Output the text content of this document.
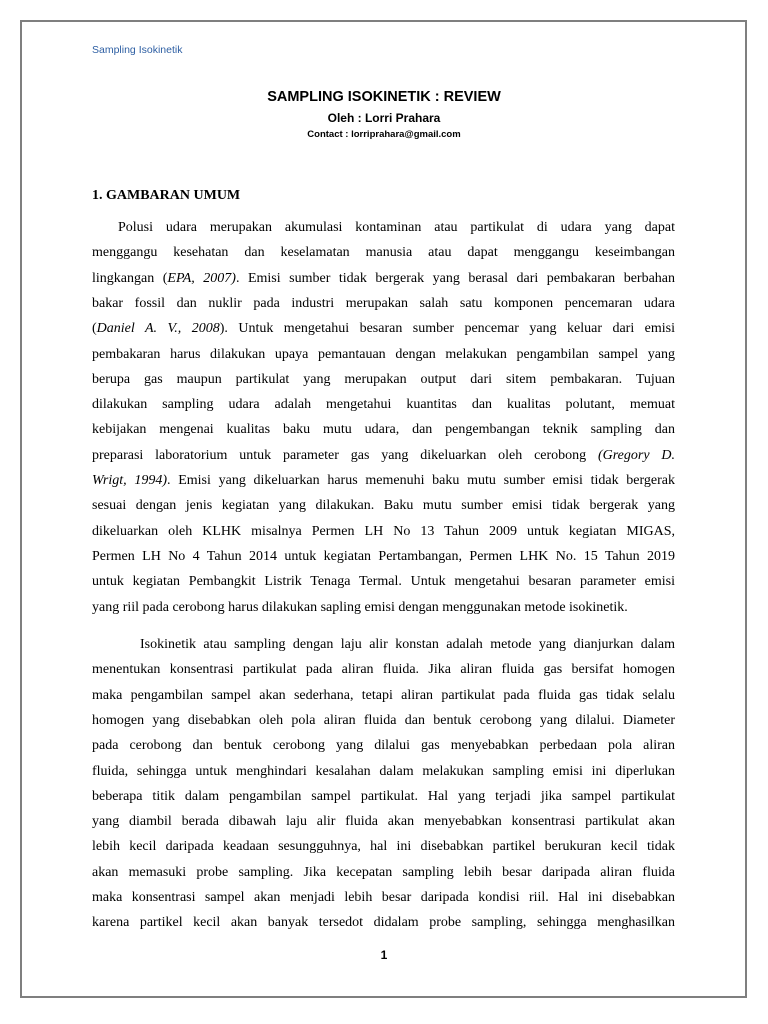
Sampling Isokinetik
SAMPLING ISOKINETIK : REVIEW
Oleh : Lorri Prahara
Contact : lorriprahara@gmail.com
1. GAMBARAN UMUM
Polusi udara merupakan akumulasi kontaminan atau partikulat di udara yang dapat
menggangu kesehatan dan keselamatan manusia atau dapat menggangu keseimbangan
lingkangan (EPA, 2007). Emisi sumber tidak bergerak yang berasal dari pembakaran berbahan
bakar fossil dan nuklir pada industri merupakan salah satu komponen pencemaran udara
(Daniel A. V., 2008). Untuk mengetahui besaran sumber pencemar yang keluar dari emisi
pembakaran harus dilakukan upaya pemantauan dengan melakukan pengambilan sampel yang
berupa gas maupun partikulat yang merupakan output dari sitem pembakaran. Tujuan
dilakukan sampling udara adalah mengetahui kuantitas dan kualitas polutant, memuat
kebijakan mengenai kualitas baku mutu udara, dan pengembangan teknik sampling dan
preparasi laboratorium untuk parameter gas yang dikeluarkan oleh cerobong (Gregory D.
Wrigt, 1994). Emisi yang dikeluarkan harus memenuhi baku mutu sumber emisi tidak bergerak
sesuai dengan jenis kegiatan yang dilakukan. Baku mutu sumber emisi tidak bergerak yang
dikeluarkan oleh KLHK misalnya Permen LH No 13 Tahun 2009 untuk kegiatan MIGAS,
Permen LH No 4 Tahun 2014 untuk kegiatan Pertambangan, Permen LHK No. 15 Tahun 2019
untuk kegiatan Pembangkit Listrik Tenaga Termal. Untuk mengetahui besaran parameter emisi
yang riil pada cerobong harus dilakukan sapling emisi dengan menggunakan metode isokinetik.
Isokinetik atau sampling dengan laju alir konstan adalah metode yang dianjurkan dalam
menentukan konsentrasi partikulat pada aliran fluida. Jika aliran fluida gas bersifat homogen
maka pengambilan sampel akan sederhana, tetapi aliran partikulat pada fluida gas tidak selalu
homogen yang disebabkan oleh pola aliran fluida dan bentuk cerobong yang dilalui. Diameter
pada cerobong dan bentuk cerobong yang dilalui gas menyebabkan perbedaan pola aliran
fluida, sehingga untuk menghindari kesalahan dalam melakukan sampling emisi ini diperlukan
beberapa titik dalam pengambilan sampel partikulat. Hal yang terjadi jika sampel partikulat
yang diambil berada dibawah laju alir fluida akan menyebabkan konsentrasi partikulat akan
lebih kecil daripada keadaan sesungguhnya, hal ini disebabkan partikel berukuran kecil tidak
akan memasuki probe sampling. Jika kecepatan sampling lebih besar daripada aliran fluida
maka konsentrasi sampel akan menjadi lebih besar daripada kondisi riil. Hal ini disebabkan
karena partikel kecil akan banyak tersedot didalam probe sampling, sehingga menghasilkan
1
